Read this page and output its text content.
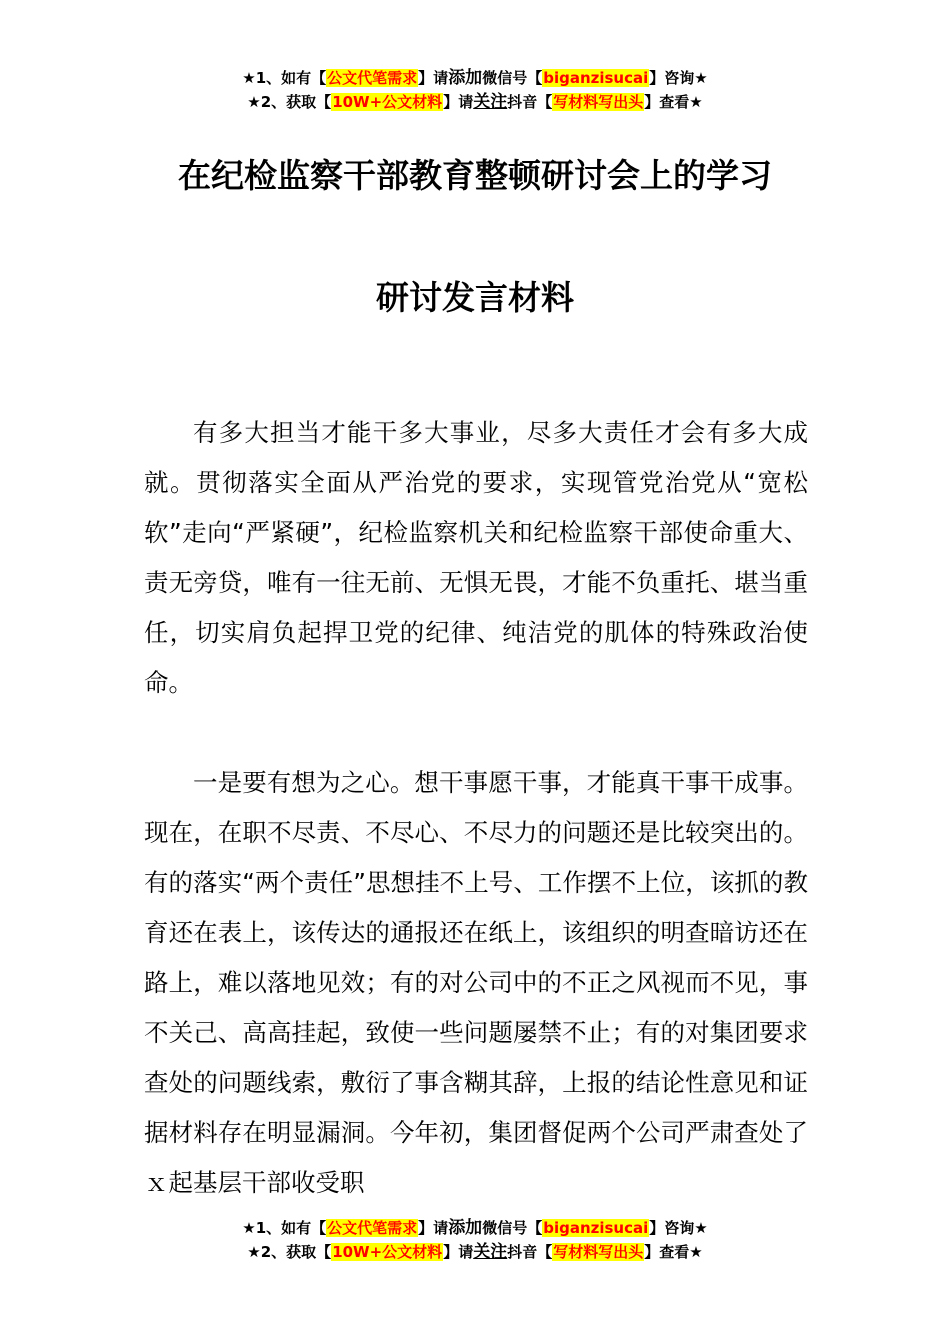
★1、如有【公文代笔需求】请添加微信号【biganzisucai】咨询★
★2、获取【10W+公文材料】请关注抖音【写材料写出头】查看★
在纪检监察干部教育整顿研讨会上的学习
研讨发言材料

有多大担当才能干多大事业，尽多大责任才会有多大成就。贯彻落实全面从严治党的要求，实现管党治党从“宽松软”走向“严紧硬”，纪检监察机关和纪检监察干部使命重大、责无旁贷，唯有一往无前、无惧无畏，才能不负重托、堪当重任，切实肩负起捍卫党的纪律、纯洁党的肌体的特殊政治使命。

一是要有想为之心。想干事愿干事，才能真干事干成事。现在，在职不尽责、不尽心、不尽力的问题还是比较突出的。有的落实“两个责任”思想挂不上号、工作摆不上位，该抓的教育还在表上，该传达的通报还在纸上，该组织的明查暗访还在路上，难以落地见效；有的对公司中的不正之风视而不见，事不关己、高高挂起，致使一些问题屡禁不止；有的对集团要求查处的问题线索，敷衍了事含糊其辞，上报的结论性意见和证据材料存在明显漏洞。今年初，集团督促两个公司严肃查处了ｘ起基层干部收受职

★1、如有【公文代笔需求】请添加微信号【biganzisucai】咨询★
★2、获取【10W+公文材料】请关注抖音【写材料写出头】查看★
